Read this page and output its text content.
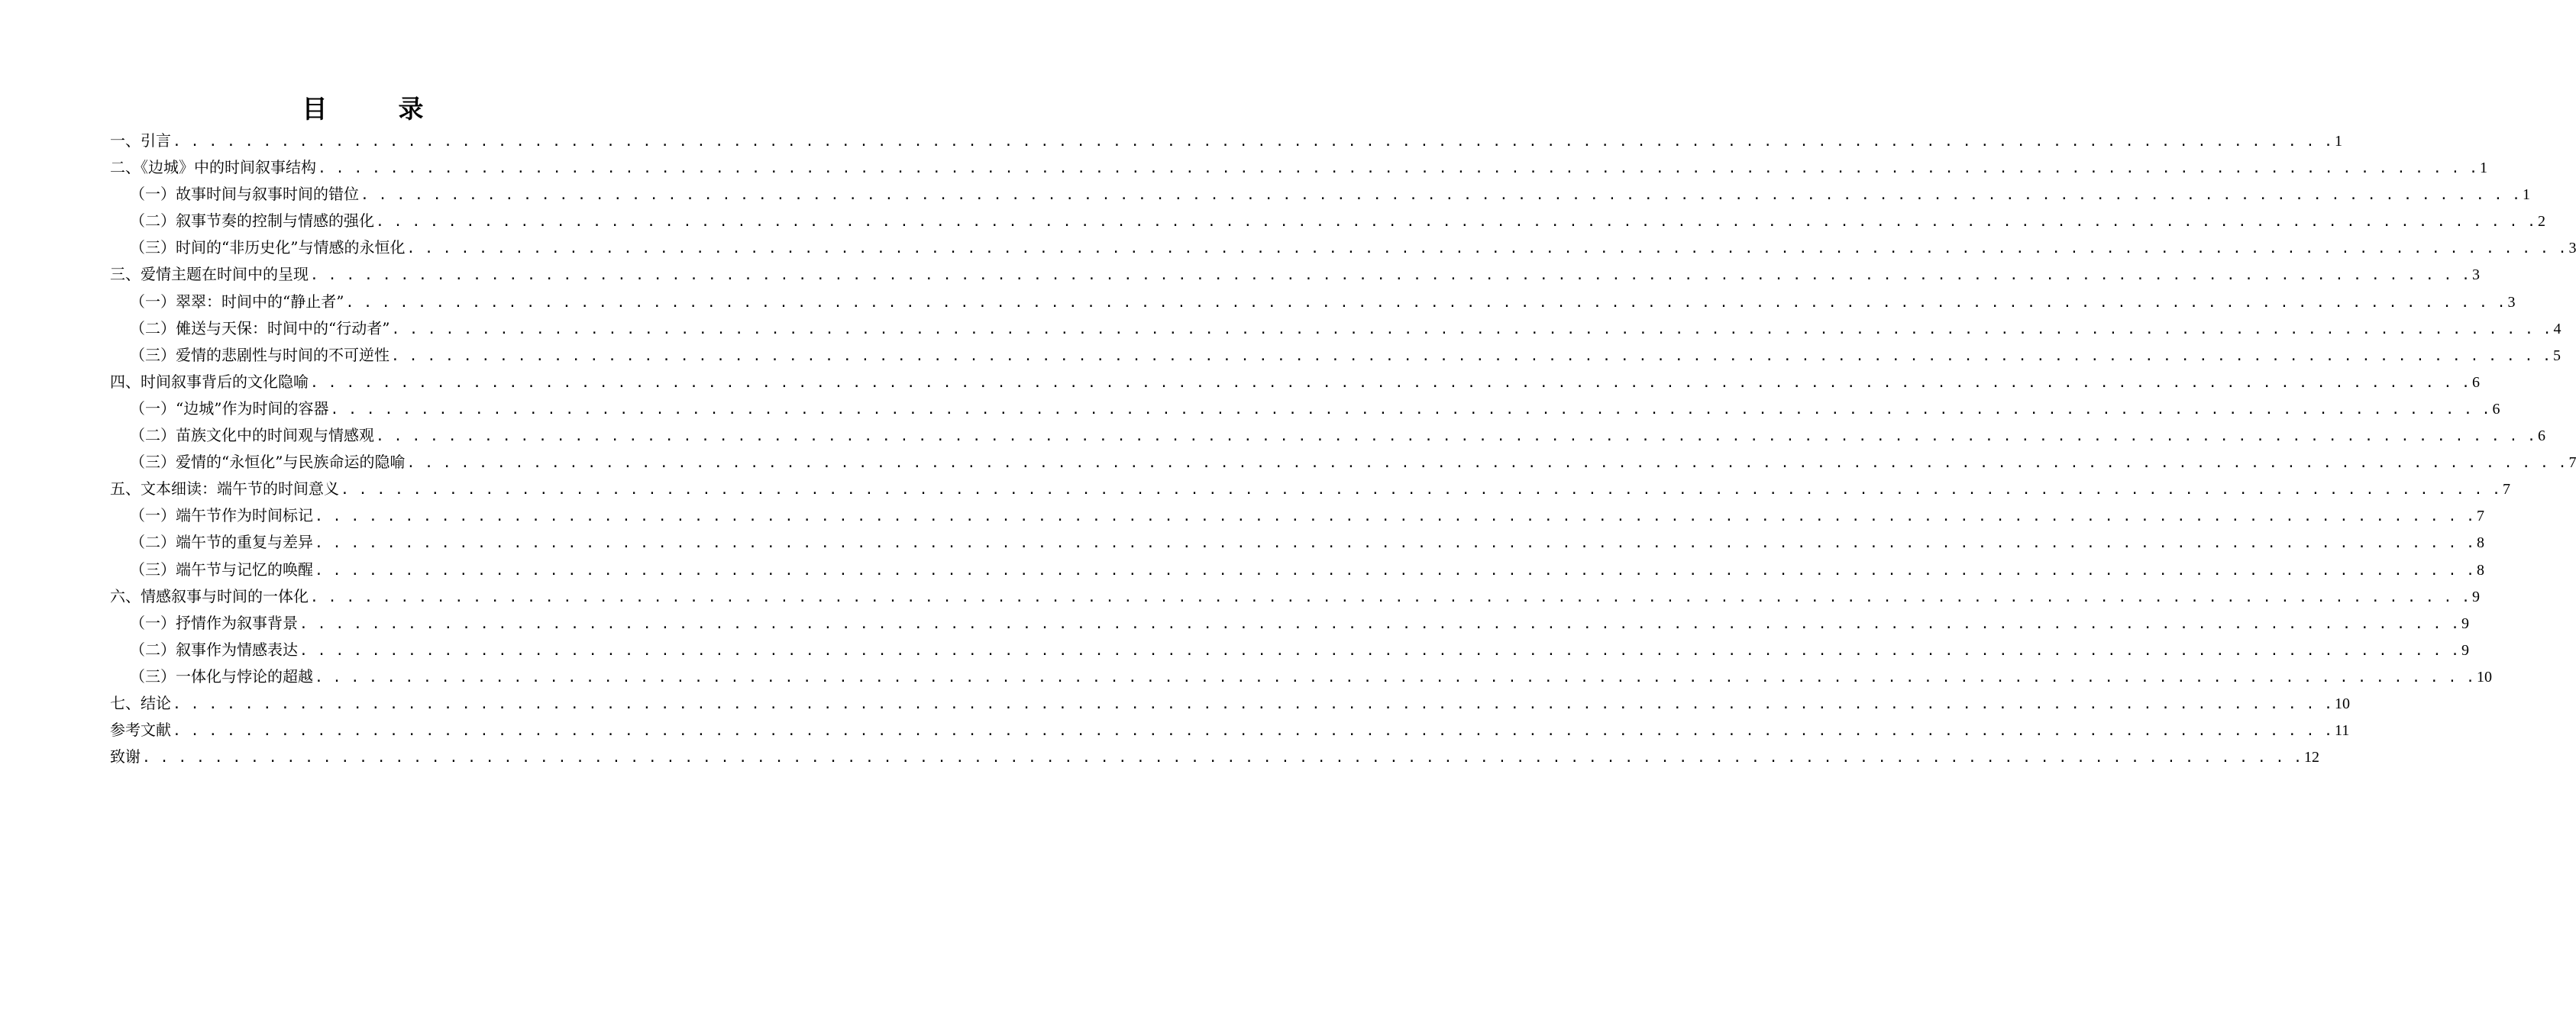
目　录
一、引言 . . . . . . . . . . . . . . . . . . . . . . . . . . . . . . . . . . . . . . . . . . . . . . . . . . . . . . . . . . . . . . . . . . . . . . . . . . . . . . . . . . . . . . . . . . . . . . . . . . . . . . . . . . . . . . . . . . . . . . . . 1
二、《边城》中的时间叙事结构 . . . . . . . . . . . . . . . . . . . . . . . . . . . . . . . . . . . . . . . . . . . . . . . . . . . . . . . . . . . . . . . . . . . . . . . . . . . . . . . . . . . . . . . . . . . . . . . . . . . . . . . . . . . . . . . . . . . . . . . . 1
（一）故事时间与叙事时间的错位 . . . . . . . . . . . . . . . . . . . . . . . . . . . . . . . . . . . . . . . . . . . . . . . . . . . . . . . . . . . . . . . . . . . . . . . . . . . . . . . . . . . . . . . . . . . . . . . . . . . . . . . . . . . . . . . . . . . . . . . . 1
（二）叙事节奏的控制与情感的强化 . . . . . . . . . . . . . . . . . . . . . . . . . . . . . . . . . . . . . . . . . . . . . . . . . . . . . . . . . . . . . . . . . . . . . . . . . . . . . . . . . . . . . . . . . . . . . . . . . . . . . . . . . . . . . . . . . . . . . . . . 2
（三）时间的“非历史化”与情感的永恒化 . . . . . . . . . . . . . . . . . . . . . . . . . . . . . . . . . . . . . . . . . . . . . . . . . . . . . . . . . . . . . . . . . . . . . . . . . . . . . . . . . . . . . . . . . . . . . . . . . . . . . . . . . . . . . . . . . . . . . . . . 3
三、爱情主题在时间中的呈现 . . . . . . . . . . . . . . . . . . . . . . . . . . . . . . . . . . . . . . . . . . . . . . . . . . . . . . . . . . . . . . . . . . . . . . . . . . . . . . . . . . . . . . . . . . . . . . . . . . . . . . . . . . . . . . . . . . . . . . . . 3
（一）翠翠：时间中的“静止者” . . . . . . . . . . . . . . . . . . . . . . . . . . . . . . . . . . . . . . . . . . . . . . . . . . . . . . . . . . . . . . . . . . . . . . . . . . . . . . . . . . . . . . . . . . . . . . . . . . . . . . . . . . . . . . . . . . . . . . . . 3
（二）傩送与天保：时间中的“行动者” . . . . . . . . . . . . . . . . . . . . . . . . . . . . . . . . . . . . . . . . . . . . . . . . . . . . . . . . . . . . . . . . . . . . . . . . . . . . . . . . . . . . . . . . . . . . . . . . . . . . . . . . . . . . . . . . . . . . . . . . 4
（三）爱情的悲剧性与时间的不可逆性 . . . . . . . . . . . . . . . . . . . . . . . . . . . . . . . . . . . . . . . . . . . . . . . . . . . . . . . . . . . . . . . . . . . . . . . . . . . . . . . . . . . . . . . . . . . . . . . . . . . . . . . . . . . . . . . . . . . . . . . . 5
四、时间叙事背后的文化隐喻 . . . . . . . . . . . . . . . . . . . . . . . . . . . . . . . . . . . . . . . . . . . . . . . . . . . . . . . . . . . . . . . . . . . . . . . . . . . . . . . . . . . . . . . . . . . . . . . . . . . . . . . . . . . . . . . . . . . . . . . . 6
（一）“边城”作为时间的容器 . . . . . . . . . . . . . . . . . . . . . . . . . . . . . . . . . . . . . . . . . . . . . . . . . . . . . . . . . . . . . . . . . . . . . . . . . . . . . . . . . . . . . . . . . . . . . . . . . . . . . . . . . . . . . . . . . . . . . . . . 6
（二）苗族文化中的时间观与情感观 . . . . . . . . . . . . . . . . . . . . . . . . . . . . . . . . . . . . . . . . . . . . . . . . . . . . . . . . . . . . . . . . . . . . . . . . . . . . . . . . . . . . . . . . . . . . . . . . . . . . . . . . . . . . . . . . . . . . . . . . 6
（三）爱情的“永恒化”与民族命运的隐喻 . . . . . . . . . . . . . . . . . . . . . . . . . . . . . . . . . . . . . . . . . . . . . . . . . . . . . . . . . . . . . . . . . . . . . . . . . . . . . . . . . . . . . . . . . . . . . . . . . . . . . . . . . . . . . . . . . . . . . . . . 7
五、文本细读：端午节的时间意义 . . . . . . . . . . . . . . . . . . . . . . . . . . . . . . . . . . . . . . . . . . . . . . . . . . . . . . . . . . . . . . . . . . . . . . . . . . . . . . . . . . . . . . . . . . . . . . . . . . . . . . . . . . . . . . . . . . . . . . . . 7
（一）端午节作为时间标记 . . . . . . . . . . . . . . . . . . . . . . . . . . . . . . . . . . . . . . . . . . . . . . . . . . . . . . . . . . . . . . . . . . . . . . . . . . . . . . . . . . . . . . . . . . . . . . . . . . . . . . . . . . . . . . . . . . . . . . . . 7
（二）端午节的重复与差异 . . . . . . . . . . . . . . . . . . . . . . . . . . . . . . . . . . . . . . . . . . . . . . . . . . . . . . . . . . . . . . . . . . . . . . . . . . . . . . . . . . . . . . . . . . . . . . . . . . . . . . . . . . . . . . . . . . . . . . . . 8
（三）端午节与记忆的唤醒 . . . . . . . . . . . . . . . . . . . . . . . . . . . . . . . . . . . . . . . . . . . . . . . . . . . . . . . . . . . . . . . . . . . . . . . . . . . . . . . . . . . . . . . . . . . . . . . . . . . . . . . . . . . . . . . . . . . . . . . . 8
六、情感叙事与时间的一体化 . . . . . . . . . . . . . . . . . . . . . . . . . . . . . . . . . . . . . . . . . . . . . . . . . . . . . . . . . . . . . . . . . . . . . . . . . . . . . . . . . . . . . . . . . . . . . . . . . . . . . . . . . . . . . . . . . . . . . . . . 9
（一）抒情作为叙事背景 . . . . . . . . . . . . . . . . . . . . . . . . . . . . . . . . . . . . . . . . . . . . . . . . . . . . . . . . . . . . . . . . . . . . . . . . . . . . . . . . . . . . . . . . . . . . . . . . . . . . . . . . . . . . . . . . . . . . . . . . 9
（二）叙事作为情感表达 . . . . . . . . . . . . . . . . . . . . . . . . . . . . . . . . . . . . . . . . . . . . . . . . . . . . . . . . . . . . . . . . . . . . . . . . . . . . . . . . . . . . . . . . . . . . . . . . . . . . . . . . . . . . . . . . . . . . . . . . 9
（三）一体化与悖论的超越 . . . . . . . . . . . . . . . . . . . . . . . . . . . . . . . . . . . . . . . . . . . . . . . . . . . . . . . . . . . . . . . . . . . . . . . . . . . . . . . . . . . . . . . . . . . . . . . . . . . . . . . . . . . . . . . . . . . . . . . . 10
七、结论 . . . . . . . . . . . . . . . . . . . . . . . . . . . . . . . . . . . . . . . . . . . . . . . . . . . . . . . . . . . . . . . . . . . . . . . . . . . . . . . . . . . . . . . . . . . . . . . . . . . . . . . . . . . . . . . . . . . . . . . . 10
参考文献 . . . . . . . . . . . . . . . . . . . . . . . . . . . . . . . . . . . . . . . . . . . . . . . . . . . . . . . . . . . . . . . . . . . . . . . . . . . . . . . . . . . . . . . . . . . . . . . . . . . . . . . . . . . . . . . . . . . . . . . . 11
致谢 . . . . . . . . . . . . . . . . . . . . . . . . . . . . . . . . . . . . . . . . . . . . . . . . . . . . . . . . . . . . . . . . . . . . . . . . . . . . . . . . . . . . . . . . . . . . . . . . . . . . . . . . . . . . . . . . . . . . . . . . 12
